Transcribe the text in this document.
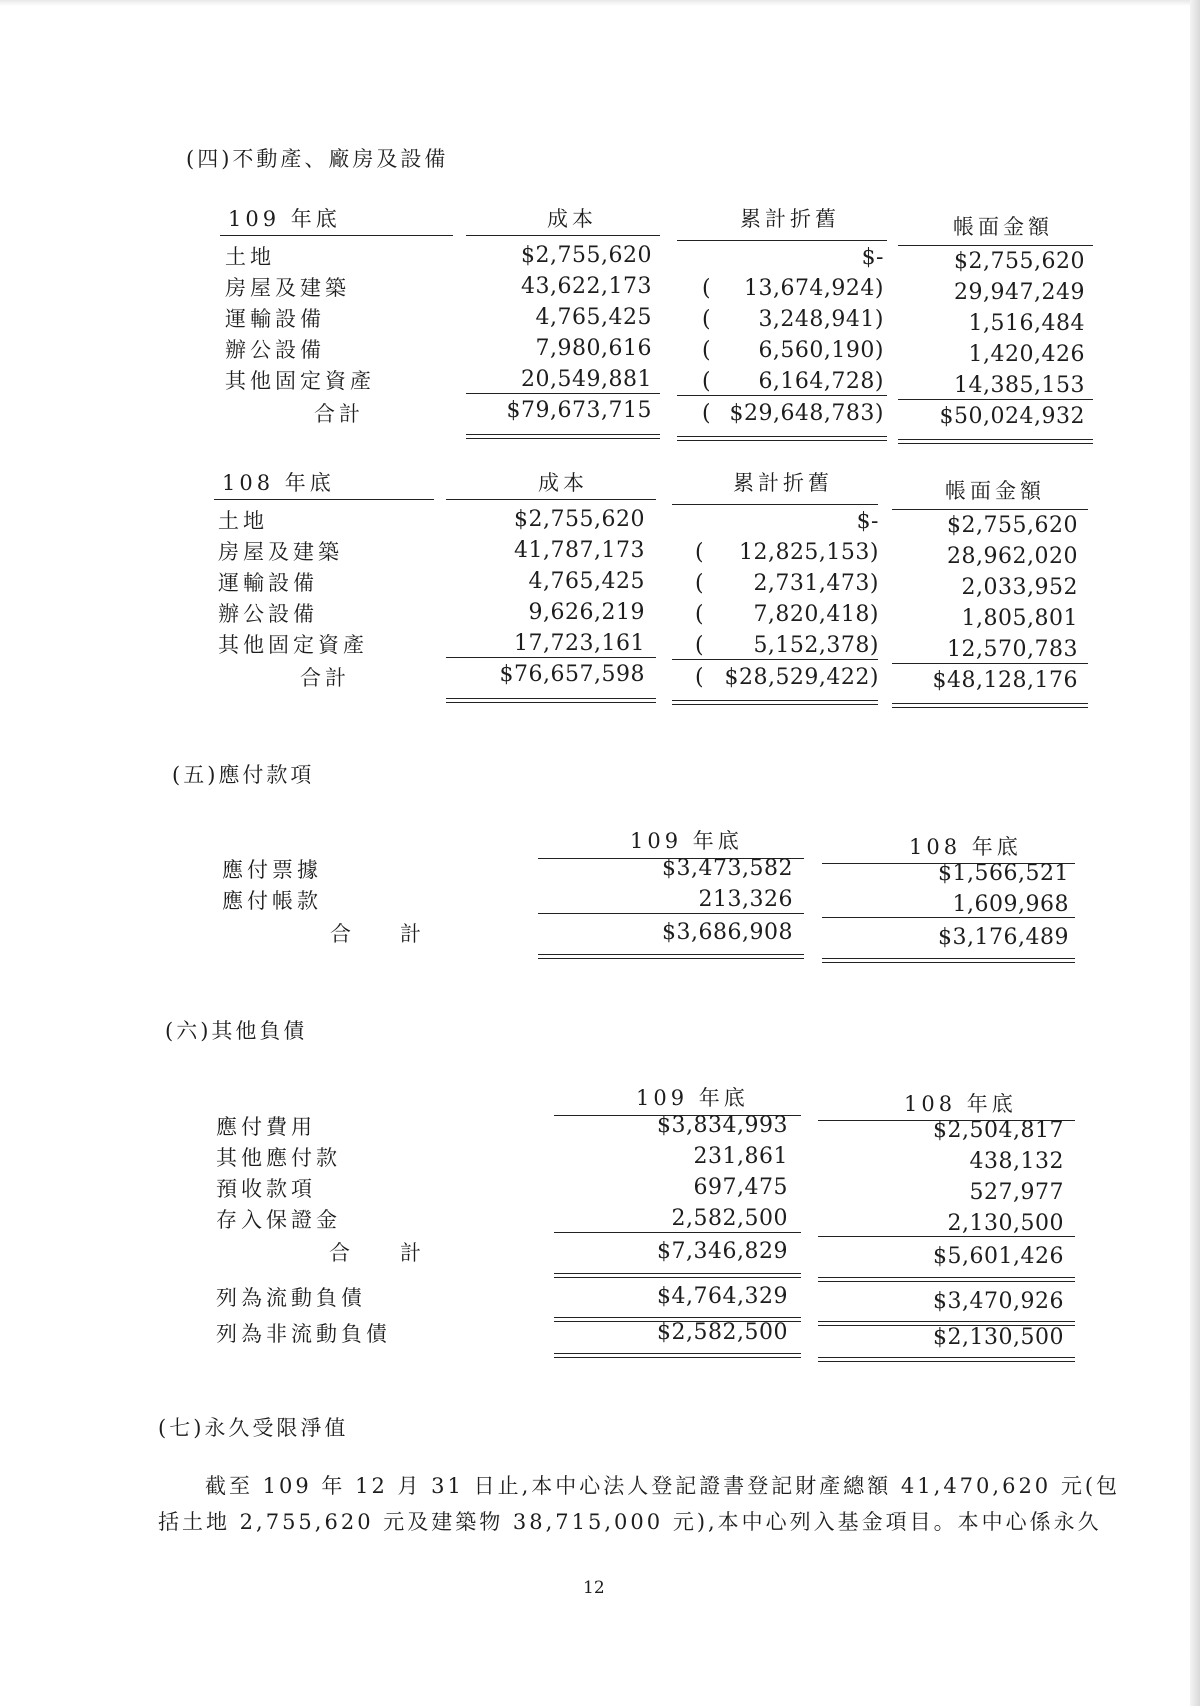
(四)不動產、廠房及設備
109 年底	成本	累計折舊	帳面金額
土地	$2,755,620	$-	$2,755,620
房屋及建築	43,622,173 (	13,674,924)	29,947,249
運輸設備	4,765,425 (	3,248,941)	1,516,484
辦公設備	7,980,616 (	6,560,190)	1,420,426
其他固定資產	20,549,881 (	6,164,728)	14,385,153
合計	$79,673,715 ( $29,648,783)	$50,024,932
108 年底	成本	累計折舊	帳面金額
土地	$2,755,620	$-	$2,755,620
房屋及建築	41,787,173 (	12,825,153)	28,962,020
運輸設備	4,765,425 (	2,731,473)	2,033,952
辦公設備	9,626,219 (	7,820,418)	1,805,801
其他固定資產	17,723,161 (	5,152,378)	12,570,783
合計	$76,657,598 ( $28,529,422)	$48,128,176
(五)應付款項
109 年底	108 年底
應付票據	$3,473,582	$1,566,521
應付帳款	213,326	1,609,968
合 計	$3,686,908	$3,176,489
(六)其他負債
109 年底	108 年底
應付費用	$3,834,993	$2,504,817
其他應付款	231,861	438,132
預收款項	697,475	527,977
存入保證金	2,582,500	2,130,500
合 計	$7,346,829	$5,601,426
列為流動負債	$4,764,329	$3,470,926
列為非流動負債	$2,582,500	$2,130,500
(七)永久受限淨值
截至 109 年 12 月 31 日止,本中心法人登記證書登記財產總額 41,470,620 元(包
括土地 2,755,620 元及建築物 38,715,000 元),本中心列入基金項目。本中心係永久
12
